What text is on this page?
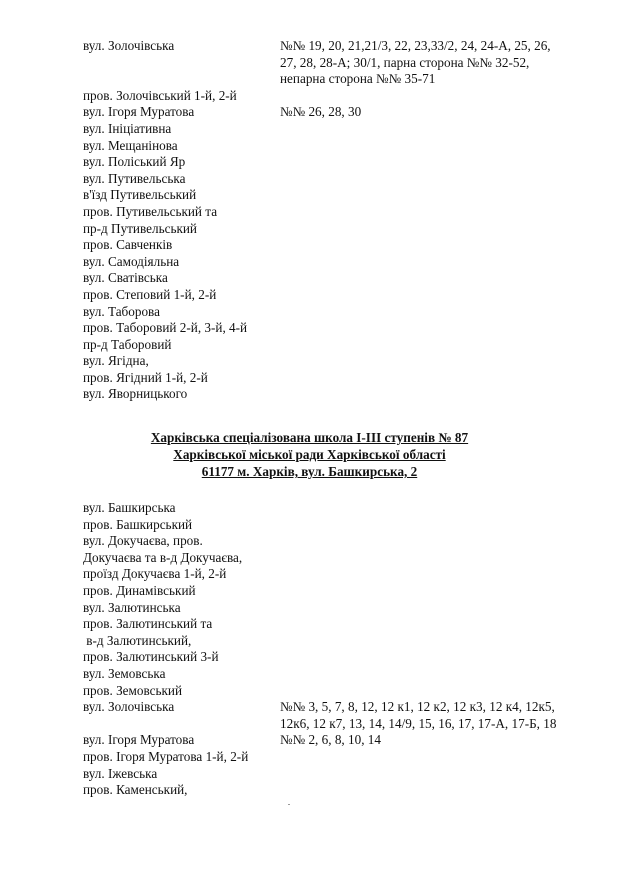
вул. Золочівська	№№ 19, 20, 21,21/3, 22, 23,33/2, 24, 24-А, 25, 26, 27, 28, 28-А; 30/1, парна сторона №№ 32-52, непарна сторона №№ 35-71
пров. Золочівський 1-й, 2-й
вул. Ігоря Муратова	№№ 26, 28, 30
вул. Ініціативна
вул. Мещанінова
вул. Поліський Яр
вул. Путивельська
в'їзд Путивельський
пров. Путивельський та
пр-д Путивельський
пров. Савченків
вул. Самодіяльна
вул. Сватівська
пров. Степовий 1-й, 2-й
вул. Таборова
пров. Таборовий 2-й, 3-й, 4-й
пр-д Таборовий
вул. Ягідна,
пров. Ягідний 1-й, 2-й
вул. Яворницького
Харківська спеціалізована школа І-ІІІ ступенів № 87
Харківської міської ради Харківської області
61177 м. Харків, вул. Башкирська, 2
вул. Башкирська
пров. Башкирський
вул. Докучаєва, пров.
Докучаєва та в-д Докучаєва,
проїзд Докучаєва 1-й, 2-й
пров. Динамівський
вул. Залютинська
пров. Залютинський та
в-д Залютинський,
пров. Залютинський 3-й
вул. Земовська
пров. Земовський
вул. Золочівська	№№ 3, 5, 7, 8, 12, 12 к1, 12 к2, 12 к3, 12 к4, 12к5, 12к6, 12 к7, 13, 14, 14/9, 15, 16, 17, 17-А, 17-Б, 18
вул. Ігоря Муратова	№№ 2, 6, 8, 10, 14
пров. Ігоря Муратова 1-й, 2-й
вул. Іжевська
пров. Каменський,
